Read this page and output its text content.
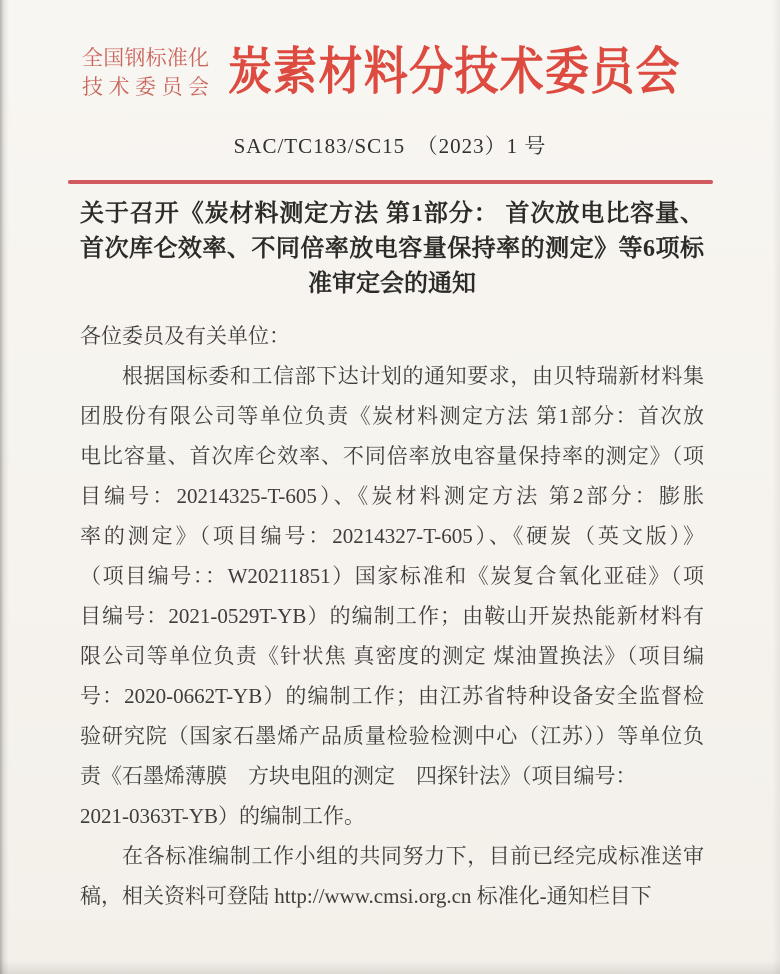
全国钢标准化
技术委员会 炭素材料分技术委员会
SAC/TC183/SC15　（2023）1 号
关于召开《炭材料测定方法 第1部分： 首次放电比容量、
首次库仑效率、不同倍率放电容量保持率的测定》等6项标
准审定会的通知
各位委员及有关单位：
根据国标委和工信部下达计划的通知要求，由贝特瑞新材料集
团股份有限公司等单位负责《炭材料测定方法 第1部分：首次放
电比容量、首次库仑效率、不同倍率放电容量保持率的测定》（项
目编号：20214325-T-605）、《炭材料测定方法 第2部分：膨胀
率的测定》（项目编号：20214327-T-605）、《硬炭（英文版）》
（项目编号：：W20211851）国家标准和《炭复合氧化亚硅》（项
目编号：2021-0529T-YB）的编制工作；由鞍山开炭热能新材料有
限公司等单位负责《针状焦 真密度的测定 煤油置换法》（项目编
号：2020-0662T-YB）的编制工作；由江苏省特种设备安全监督检
验研究院（国家石墨烯产品质量检验检测中心（江苏））等单位负
责《石墨烯薄膜　方块电阻的测定　四探针法》（项目编号：
2021-0363T-YB）的编制工作。
在各标准编制工作小组的共同努力下，目前已经完成标准送审
稿，相关资料可登陆 http://www.cmsi.org.cn 标准化-通知栏目下
